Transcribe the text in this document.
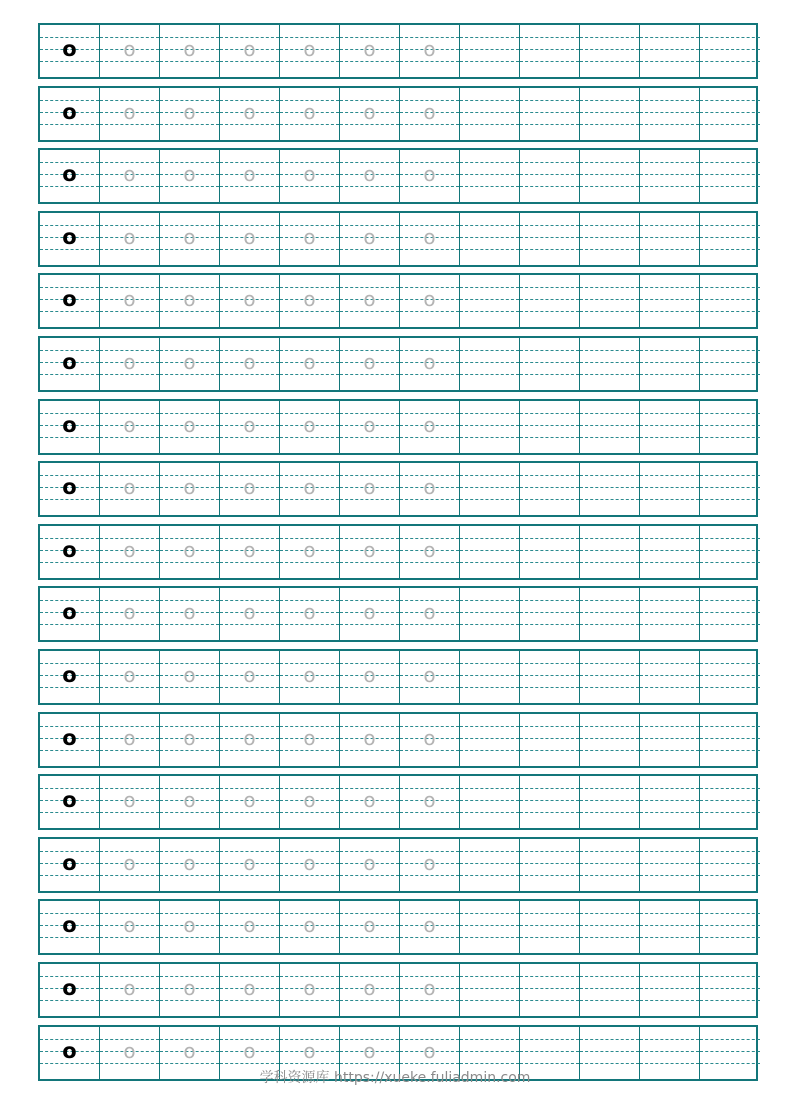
o	o	o	o	o	o	o
o	o	o	o	o	o	o
o	o	o	o	o	o	o
o	o	o	o	o	o	o
o	o	o	o	o	o	o
o	o	o	o	o	o	o
o	o	o	o	o	o	o
o	o	o	o	o	o	o
o	o	o	o	o	o	o
o	o	o	o	o	o	o
o	o	o	o	o	o	o
o	o	o	o	o	o	o
o	o	o	o	o	o	o
o	o	o	o	o	o	o
o	o	o	o	o	o	o
o	o	o	o	o	o	o
o	o	o	o	o	o	o
学科资源库 https://xueke.fuliadmin.com
